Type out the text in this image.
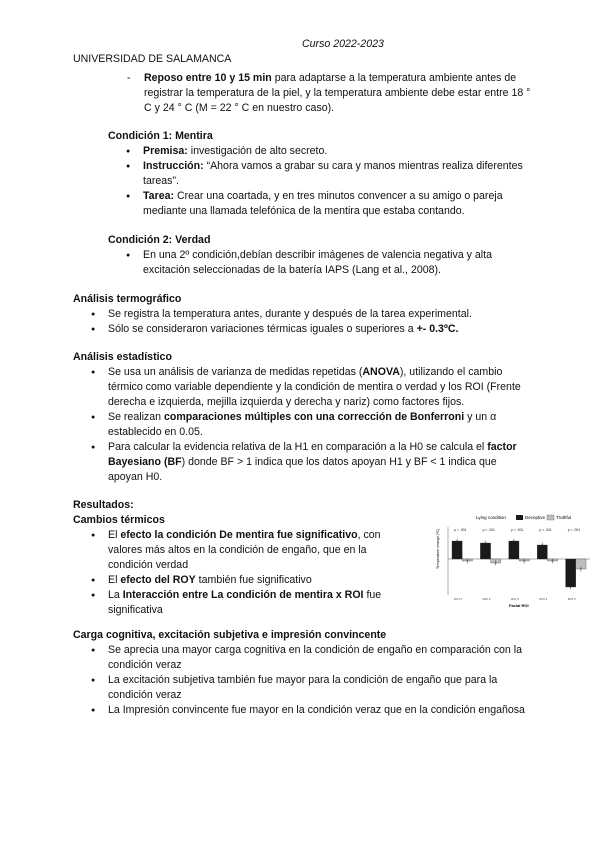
Curso 2022-2023
UNIVERSIDAD DE SALAMANCA
- Reposo entre 10 y 15 min para adaptarse a la temperatura ambiente antes de registrar la temperatura de la piel, y la temperatura ambiente debe estar entre 18 ° C y 24 ° C (M = 22 ° C en nuestro caso).
Condición 1: Mentira
● Premisa: investigación de alto secreto.
● Instrucción: “Ahora vamos a grabar su cara y manos mientras realiza diferentes tareas”.
● Tarea: Crear una coartada, y en tres minutos convencer a su amigo o pareja mediante una llamada telefónica de la mentira que estaba contando.
Condición 2: Verdad
● En una 2º condición,debían describir imágenes de valencia negativa y alta excitación seleccionadas de la batería IAPS (Lang et al., 2008).
Análisis termográfico
● Se registra la temperatura antes, durante y después de la tarea experimental.
● Sólo se consideraron variaciones térmicas iguales o superiores a +- 0.3ºC.
Análisis estadístico
● Se usa un análisis de varianza de medidas repetidas (ANOVA), utilizando el cambio térmico como variable dependiente y la condición de mentira o verdad y los ROI (Frente derecha e izquierda, mejilla izquierda y derecha y nariz) como factores fijos.
● Se realizan comparaciones múltiples con una corrección de Bonferroni y un α establecido en 0.05.
● Para calcular la evidencia relativa de la H1 en comparación a la H0 se calcula el factor Bayesiano (BF) donde BF > 1 indica que los datos apoyan H1 y BF < 1 indica que apoyan H0.
Resultados:
Cambios térmicos
● El efecto la condición De mentira fue significativo, con valores más altos en la condición de engaño, que en la condición verdad
● El efecto del ROY también fue significativo
● La Interacción entre La condición de mentira x ROI fue significativa
Lying condition	Deceptive Truthful
Temperature change (ºC)
Facial ROI
p < .001
ROI 1
p < .001
ROI 2
p < .001
ROI 3
p = .001
ROI 4
p = .001
ROI 5
Carga cognitiva, excitación subjetiva e impresión convincente
● Se aprecia una mayor carga cognitiva en la condición de engaño en comparación con la condición veraz
● La excitación subjetiva también fue mayor para la condición de engaño que para la condición veraz
● La Impresión convincente fue mayor en la condición veraz que en la condición engañosa
